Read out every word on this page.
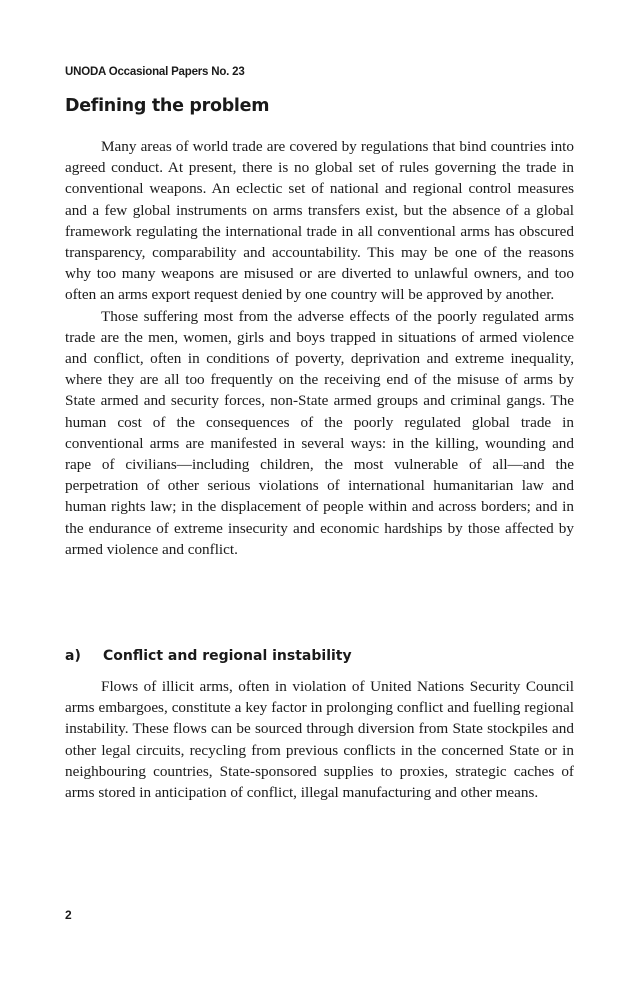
UNODA Occasional Papers No. 23
Defining the problem

Many areas of world trade are covered by regulations that bind countries into agreed conduct. At present, there is no global set of rules governing the trade in conventional weapons. An eclectic set of national and regional control measures and a few global instruments on arms transfers exist, but the absence of a global framework regulating the international trade in all conventional arms has obscured transparency, comparability and accountability. This may be one of the reasons why too many weapons are misused or are diverted to unlawful owners, and too often an arms export request denied by one country will be approved by another.

Those suffering most from the adverse effects of the poorly regulated arms trade are the men, women, girls and boys trapped in situations of armed violence and conflict, often in conditions of poverty, deprivation and extreme inequality, where they are all too frequently on the receiving end of the misuse of arms by State armed and security forces, non-State armed groups and criminal gangs. The human cost of the consequences of the poorly regulated global trade in conventional arms are manifested in several ways: in the killing, wounding and rape of civilians—including children, the most vulnerable of all—and the perpetration of other serious violations of international humanitarian law and human rights law; in the displacement of people within and across borders; and in the endurance of extreme insecurity and economic hardships by those affected by armed violence and conflict.

a) Conflict and regional instability

Flows of illicit arms, often in violation of United Nations Security Council arms embargoes, constitute a key factor in prolonging conflict and fuelling regional instability. These flows can be sourced through diversion from State stockpiles and other legal circuits, recycling from previous conflicts in the concerned State or in neighbouring countries, State-sponsored supplies to proxies, strategic caches of arms stored in anticipation of conflict, illegal manufacturing and other means.

2
